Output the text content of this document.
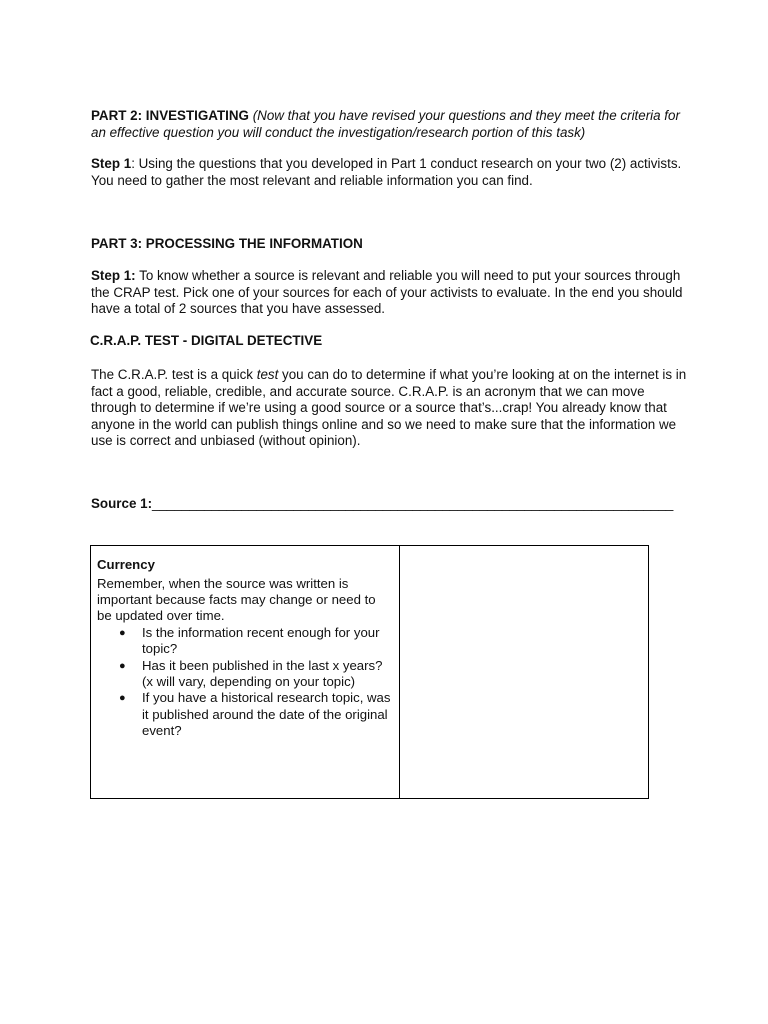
PART 2: INVESTIGATING (Now that you have revised your questions and they meet the criteria for an effective question you will conduct the investigation/research portion of this task)

Step 1: Using the questions that you developed in Part 1 conduct research on your two (2) activists. You need to gather the most relevant and reliable information you can find.

PART 3: PROCESSING THE INFORMATION

Step 1: To know whether a source is relevant and reliable you will need to put your sources through the CRAP test. Pick one of your sources for each of your activists to evaluate. In the end you should have a total of 2 sources that you have assessed.

C.R.A.P. TEST - DIGITAL DETECTIVE

The C.R.A.P. test is a quick test you can do to determine if what you’re looking at on the internet is in fact a good, reliable, credible, and accurate source. C.R.A.P. is an acronym that we can move through to determine if we’re using a good source or a source that’s...crap! You already know that anyone in the world can publish things online and so we need to make sure that the information we use is correct and unbiased (without opinion).

Source 1:______________________________________________________________________
Currency
Remember, when the source was written is important because facts may change or need to be updated over time.
● Is the information recent enough for your topic?
● Has it been published in the last x years? (x will vary, depending on your topic)
● If you have a historical research topic, was it published around the date of the original event?
